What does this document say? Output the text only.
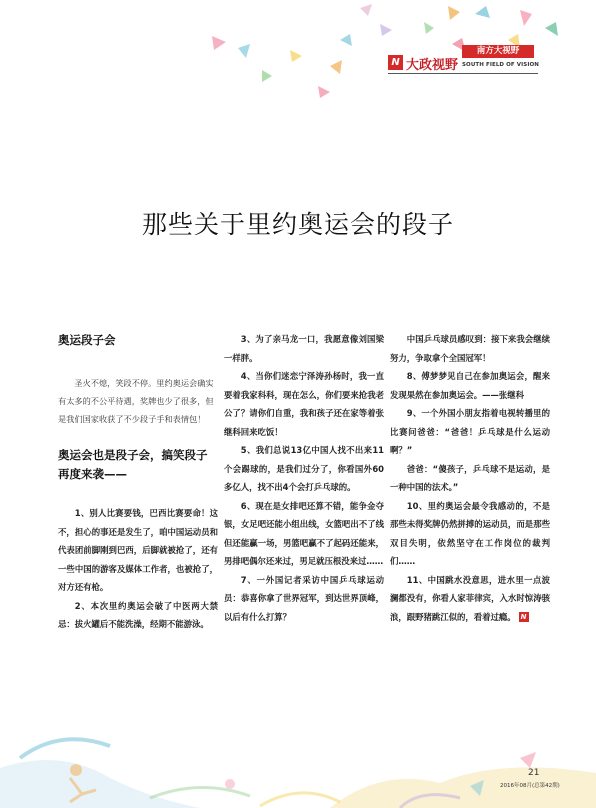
N 大政视野
南方大视野
SOUTH FIELD OF VISION
那些关于里约奥运会的段子
奥运段子会

圣火不熄，笑段不停。里约奥运会确实有太多的不公平待遇，奖牌也少了很多，但是我们国家收获了不少段子手和表情包！

奥运会也是段子会，搞笑段子再度来袭——

1、别人比赛要钱，巴西比赛要命！这不，担心的事还是发生了，咱中国运动员和代表团前脚刚到巴西，后脚就被抢了，还有一些中国的游客及媒体工作者，也被抢了，对方还有枪。

2、本次里约奥运会破了中医两大禁忌：拔火罐后不能洗澡，经期不能游泳。

3、为了亲马龙一口，我愿意像刘国梁一样胖。

4、当你们迷恋宁泽涛孙杨时，我一直要着我家科科，现在怎么，你们要来抢我老公了？请你们自重，我和孩子还在家等着张继科回来吃饭！

5、我们总说13亿中国人找不出来11个会踢球的，是我们过分了，你看国外60多亿人，找不出4个会打乒乓球的。

6、现在是女排吧还算不错，能争金夺银，女足吧还能小组出线，女篮吧出不了线但还能赢一场，男篮吧赢不了起码还能来，男排吧偶尔还来过，男足就压根没来过……

7、一外国记者采访中国乒乓球运动员：恭喜你拿了世界冠军，到达世界顶峰，以后有什么打算？

中国乒乓球员感叹到：接下来我会继续努力，争取拿个全国冠军！

8、傅梦梦见自己在参加奥运会，醒来发现果然在参加奥运会。——张继科

9、一个外国小朋友指着电视转播里的比赛问爸爸：“爸爸！乒乓球是什么运动啊？”

爸爸：“傻孩子，乒乓球不是运动，是一种中国的法术。”

10、里约奥运会最令我感动的，不是那些未得奖牌仍然拼搏的运动员，而是那些双目失明，依然坚守在工作岗位的裁判们……

11、中国跳水没意思，进水里一点波澜都没有，你看人家菲律宾，入水时惊涛骇浪，跟野猪跳江似的，看着过瘾。 N

21
2016年08月(总第42期)
